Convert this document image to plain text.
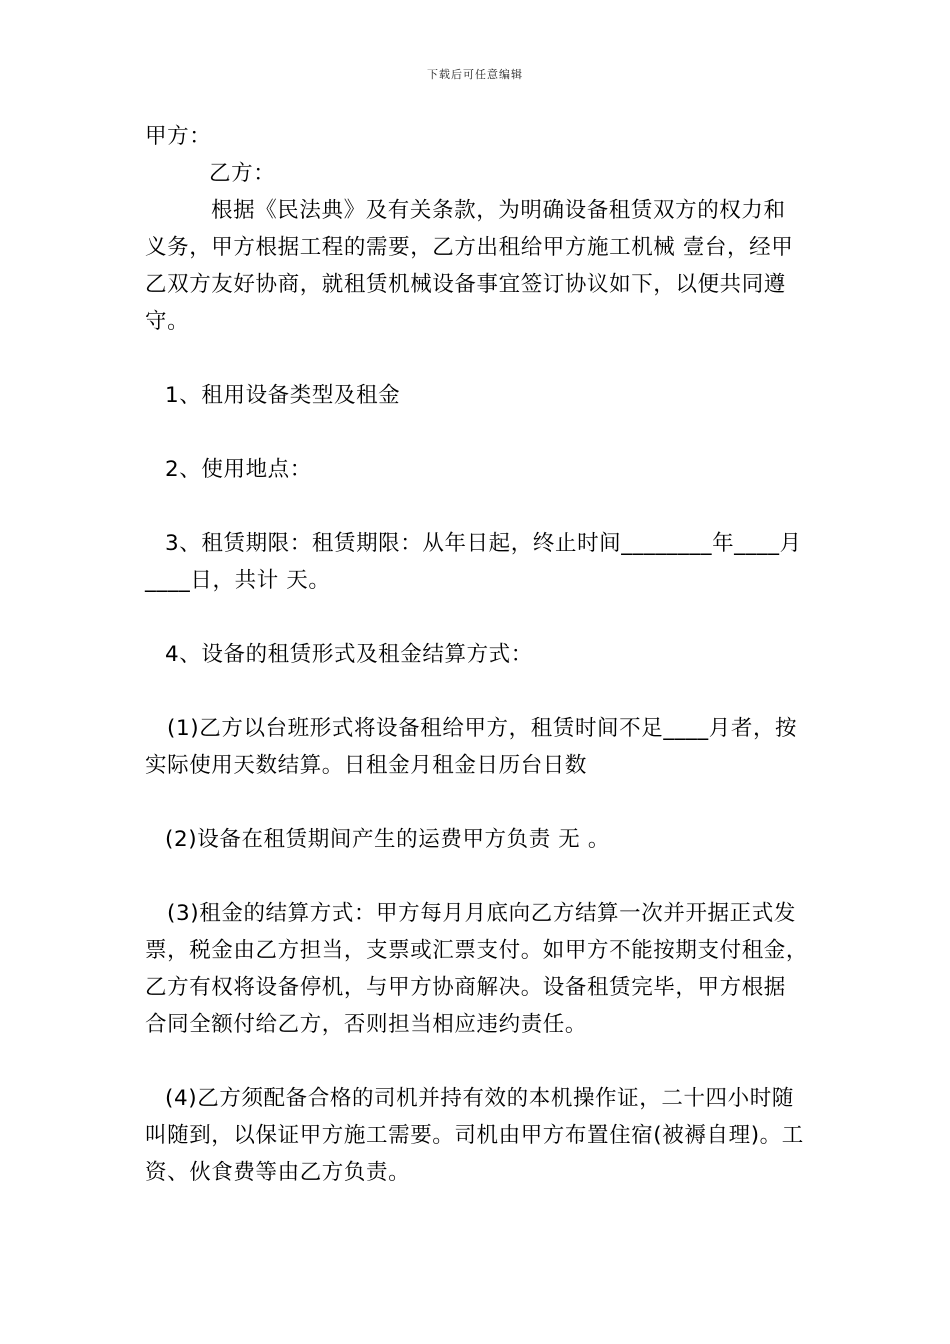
下载后可任意编辑
甲方：
乙方：
根据《民法典》及有关条款，为明确设备租赁双方的权力和
义务，甲方根据工程的需要，乙方出租给甲方施工机械 壹台，经甲
乙双方友好协商，就租赁机械设备事宜签订协议如下，以便共同遵
守。
1、租用设备类型及租金
2、使用地点：
3、租赁期限：租赁期限：从年日起，终止时间________年____月
____日，共计 天。
4、设备的租赁形式及租金结算方式：
(1)乙方以台班形式将设备租给甲方，租赁时间不足____月者，按
实际使用天数结算。日租金月租金日历台日数
(2)设备在租赁期间产生的运费甲方负责 无 。
(3)租金的结算方式：甲方每月月底向乙方结算一次并开据正式发
票，税金由乙方担当，支票或汇票支付。如甲方不能按期支付租金，
乙方有权将设备停机，与甲方协商解决。设备租赁完毕，甲方根据
合同全额付给乙方，否则担当相应违约责任。
(4)乙方须配备合格的司机并持有效的本机操作证，二十四小时随
叫随到，以保证甲方施工需要。司机由甲方布置住宿(被褥自理)。工
资、伙食费等由乙方负责。
